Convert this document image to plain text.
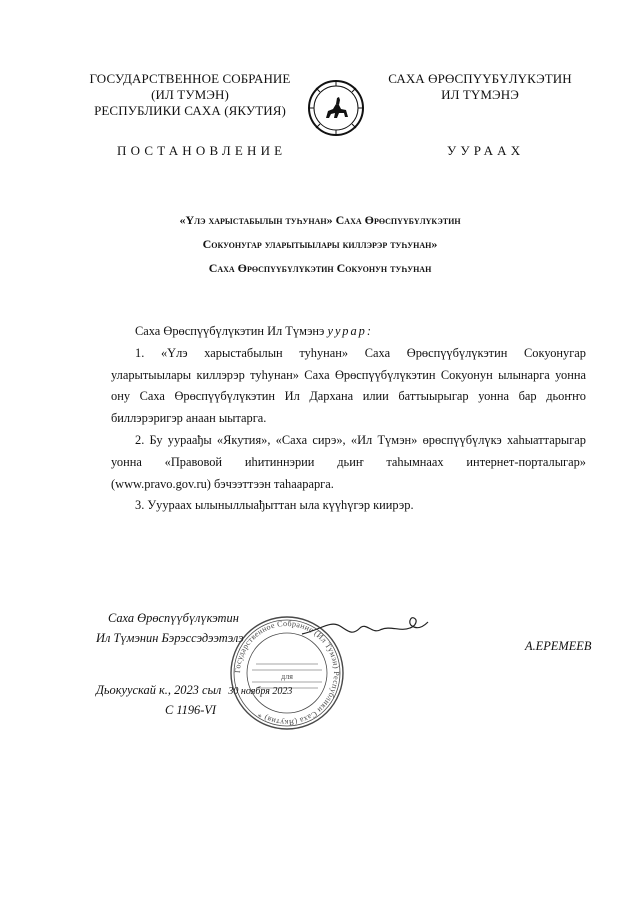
ГОСУДАРСТВЕННОЕ СОБРАНИЕ
(ИЛ ТУМЭН)
РЕСПУБЛИКИ САХА (ЯКУТИЯ)
САХА ӨРӨСПҮҮБҮЛҮКЭТИН
ИЛ ТҮМЭНЭ
ПОСТАНОВЛЕНИЕ	УУРААХ
«Үлэ харыстабылын туһунан» Саха Өрөспүүбүлүкэтин
Сокуонугар уларытыылары киллэрэр туһунан»
Саха Өрөспүүбүлүкэтин Сокуонун туһунан

Саха Өрөспүүбүлүкэтин Ил Түмэнэ уурар:

1. «Үлэ харыстабылын туһунан» Саха Өрөспүүбүлүкэтин Сокуонугар уларытыылары киллэрэр туһунан» Саха Өрөспүүбүлүкэтин Сокуонун ылынарга уонна ону Саха Өрөспүүбүлүкэтин Ил Дархана илии баттыырыгар уонна бар дьоҥҥо биллэрэригэр анаан ыытарга.

2. Бу уураађы «Якутия», «Саха сирэ», «Ил Түмэн» өрөспүүбүлүкэ хаһыаттарыгар уонна «Правовой иһитиннэрии дьиҥ таһымнаах интернет-порталыгар» (www.pravo.gov.ru) бэчээттээн таһаарарга.

3. Ууураах ылыныллыађыттан ыла күүһүгэр киирэр.

Саха Өрөспүүбүлүкэтин
Ил Түмэнин Бэрэссэдээтэлэ
А.ЕРЕМЕЕВ
Дьокуускай к., 2023 сыл 30 ноября 2023
С 1196-VI
Государственное Собрание (Ил Тумэн) Республики Саха (Якутия) *
для
